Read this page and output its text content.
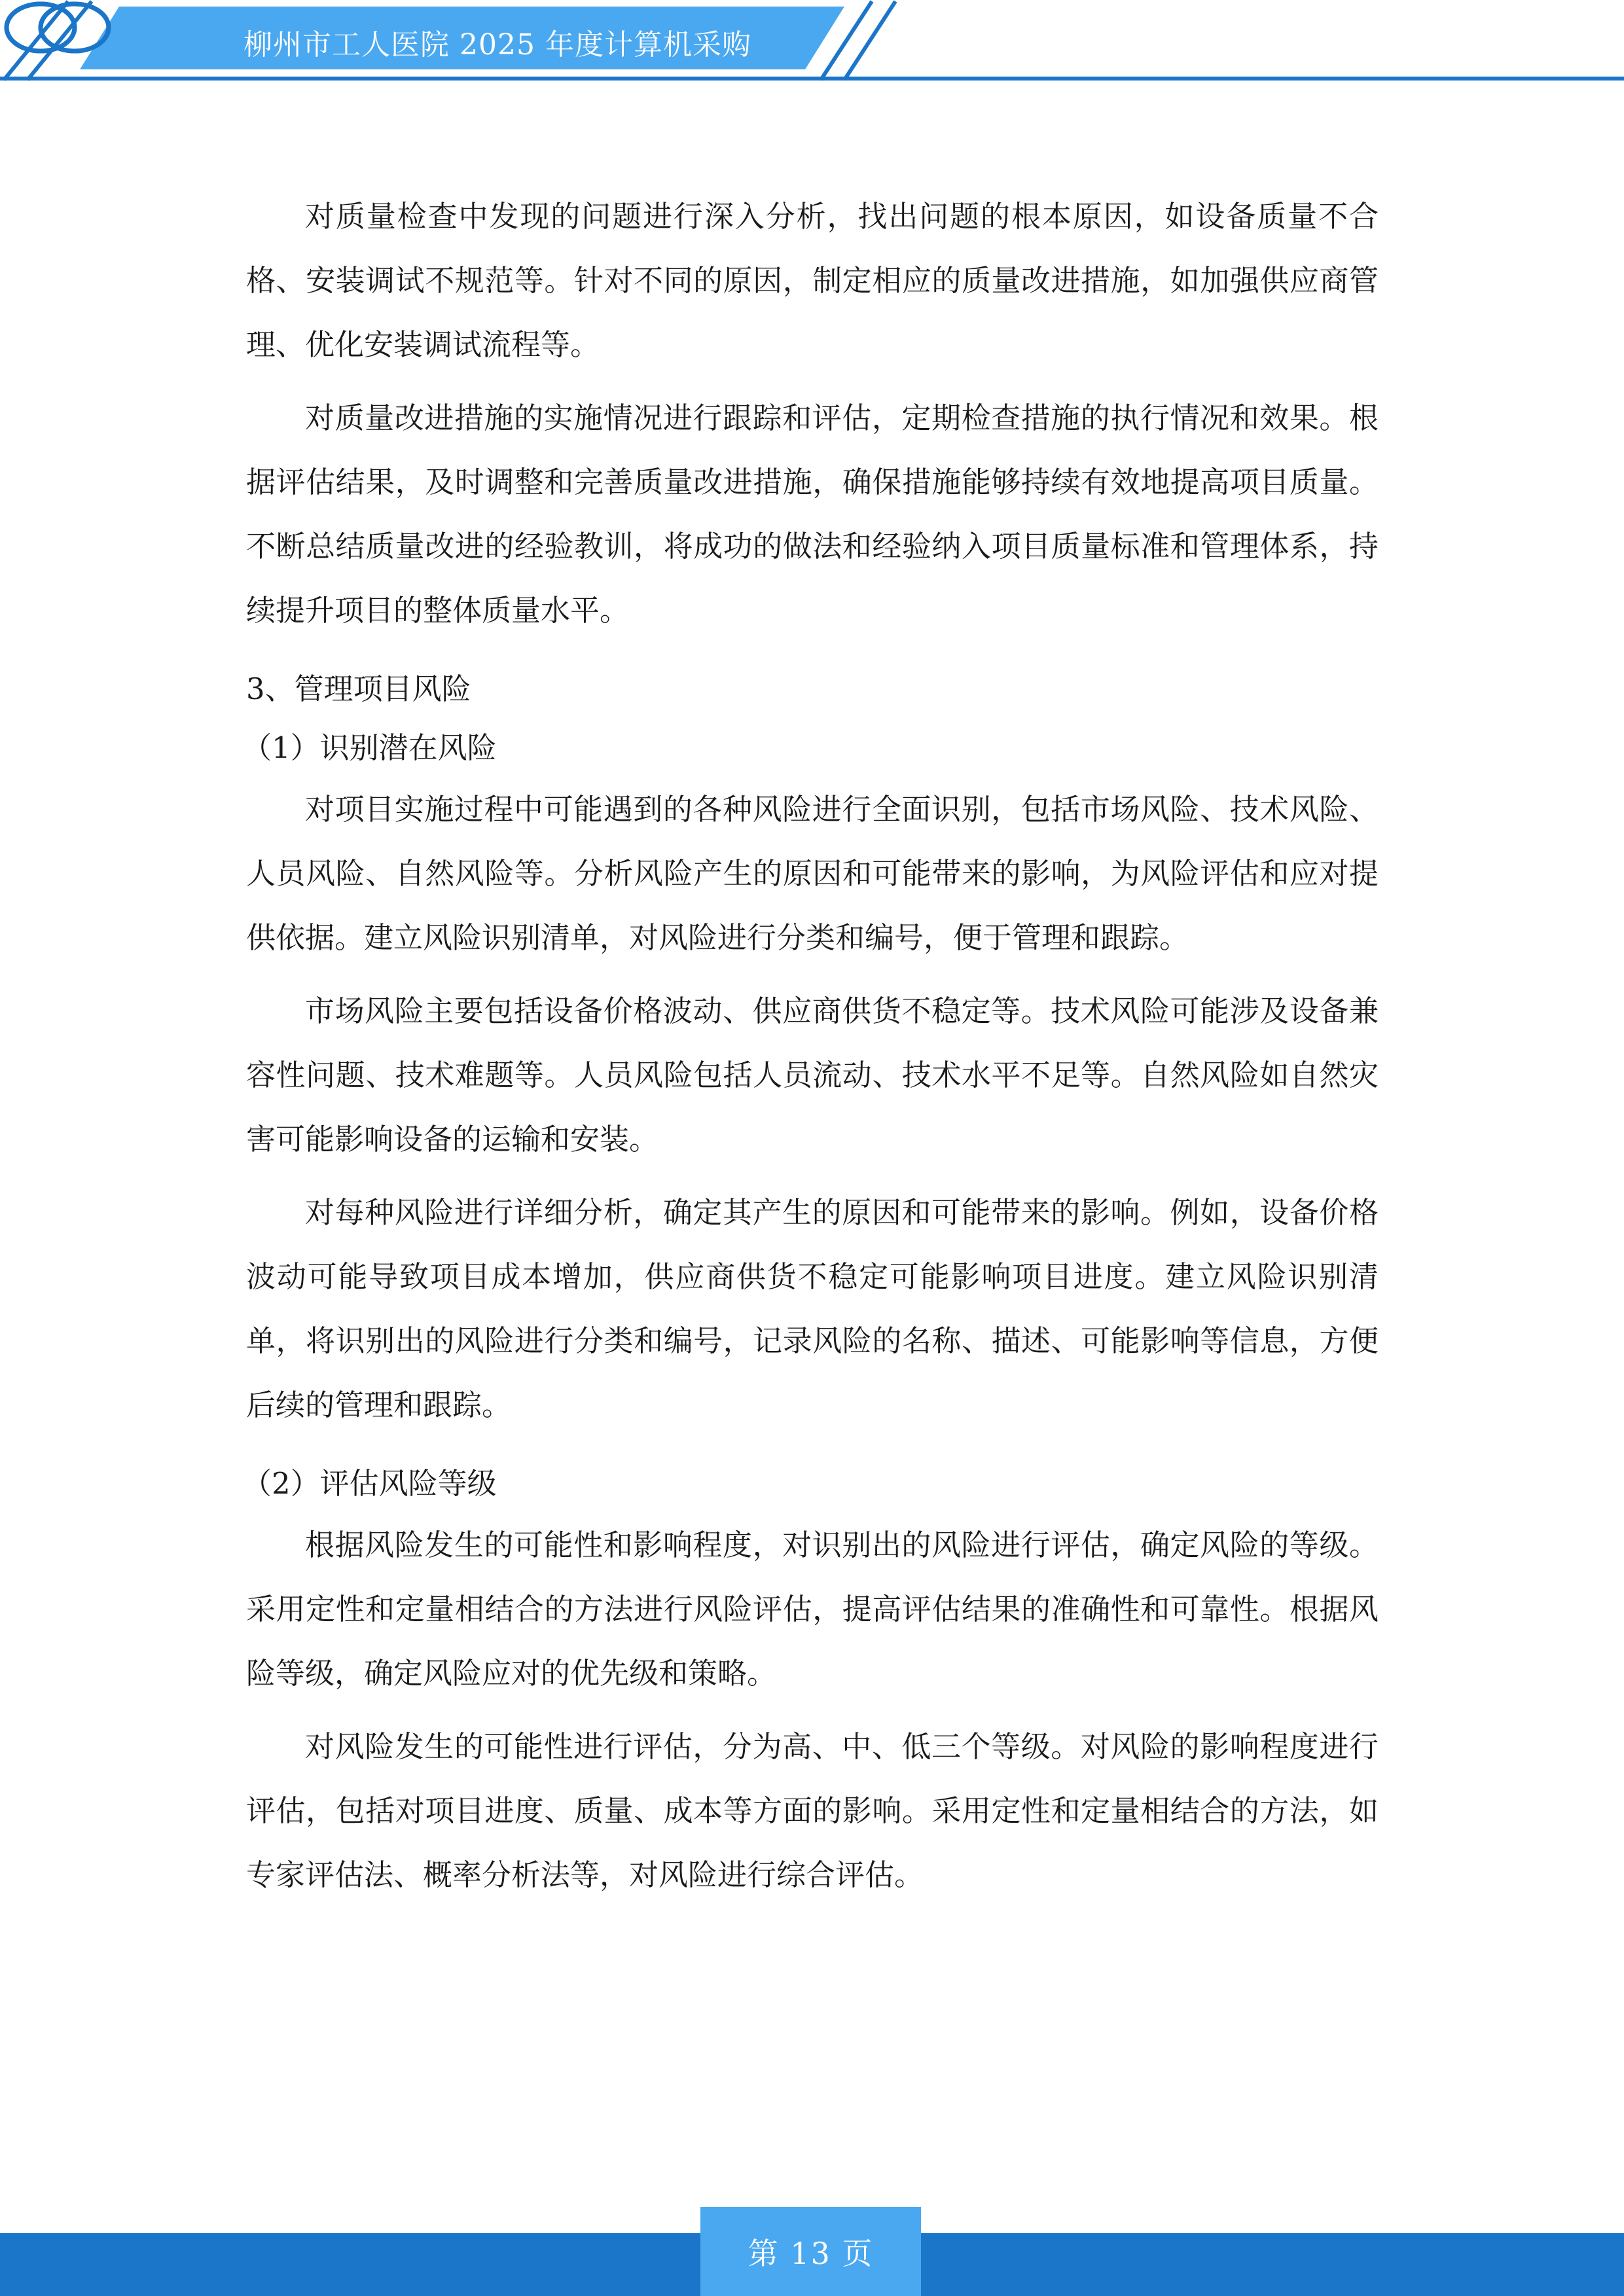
柳州市工人医院 2025 年度计算机采购

对质量检查中发现的问题进行深入分析，找出问题的根本原因，如设备质量不合格、安装调试不规范等。针对不同的原因，制定相应的质量改进措施，如加强供应商管理、优化安装调试流程等。

对质量改进措施的实施情况进行跟踪和评估，定期检查措施的执行情况和效果。根据评估结果，及时调整和完善质量改进措施，确保措施能够持续有效地提高项目质量。不断总结质量改进的经验教训，将成功的做法和经验纳入项目质量标准和管理体系，持续提升项目的整体质量水平。

3、管理项目风险

（1）识别潜在风险

对项目实施过程中可能遇到的各种风险进行全面识别，包括市场风险、技术风险、人员风险、自然风险等。分析风险产生的原因和可能带来的影响，为风险评估和应对提供依据。建立风险识别清单，对风险进行分类和编号，便于管理和跟踪。

市场风险主要包括设备价格波动、供应商供货不稳定等。技术风险可能涉及设备兼容性问题、技术难题等。人员风险包括人员流动、技术水平不足等。自然风险如自然灾害可能影响设备的运输和安装。

对每种风险进行详细分析，确定其产生的原因和可能带来的影响。例如，设备价格波动可能导致项目成本增加，供应商供货不稳定可能影响项目进度。建立风险识别清单，将识别出的风险进行分类和编号，记录风险的名称、描述、可能影响等信息，方便后续的管理和跟踪。

（2）评估风险等级

根据风险发生的可能性和影响程度，对识别出的风险进行评估，确定风险的等级。采用定性和定量相结合的方法进行风险评估，提高评估结果的准确性和可靠性。根据风险等级，确定风险应对的优先级和策略。

对风险发生的可能性进行评估，分为高、中、低三个等级。对风险的影响程度进行评估，包括对项目进度、质量、成本等方面的影响。采用定性和定量相结合的方法，如专家评估法、概率分析法等，对风险进行综合评估。

第 13 页
